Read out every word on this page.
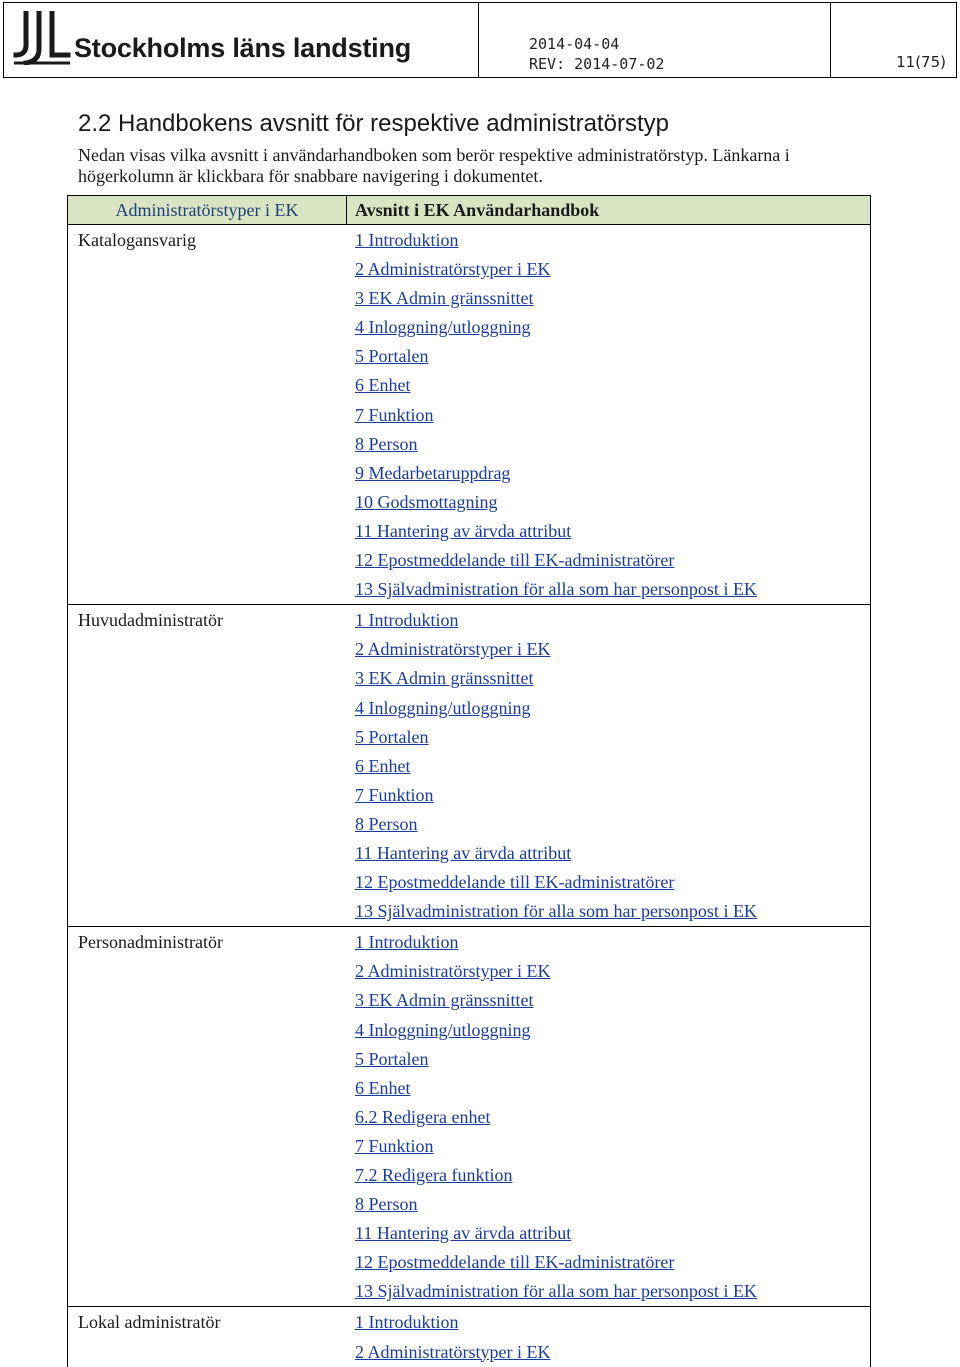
Stockholms läns landsting	2014-04-04
REV: 2014-07-02	11(75)
2.2 Handbokens avsnitt för respektive administratörstyp
Nedan visas vilka avsnitt i användarhandboken som berör respektive administratörstyp. Länkarna i högerkolumn är klickbara för snabbare navigering i dokumentet.
Administratörstyper i EK	Avsnitt i EK Användarhandbok
Katalogansvarig	1 Introduktion
2 Administratörstyper i EK
3 EK Admin gränssnittet
4 Inloggning/utloggning
5 Portalen
6 Enhet
7 Funktion
8 Person
9 Medarbetaruppdrag
10 Godsmottagning
11 Hantering av ärvda attribut
12 Epostmeddelande till EK-administratörer
13 Självadministration för alla som har personpost i EK
Huvudadministratör	1 Introduktion
2 Administratörstyper i EK
3 EK Admin gränssnittet
4 Inloggning/utloggning
5 Portalen
6 Enhet
7 Funktion
8 Person
11 Hantering av ärvda attribut
12 Epostmeddelande till EK-administratörer
13 Självadministration för alla som har personpost i EK
Personadministratör	1 Introduktion
2 Administratörstyper i EK
3 EK Admin gränssnittet
4 Inloggning/utloggning
5 Portalen
6 Enhet
6.2 Redigera enhet
7 Funktion
7.2 Redigera funktion
8 Person
11 Hantering av ärvda attribut
12 Epostmeddelande till EK-administratörer
13 Självadministration för alla som har personpost i EK
Lokal administratör	1 Introduktion
2 Administratörstyper i EK
